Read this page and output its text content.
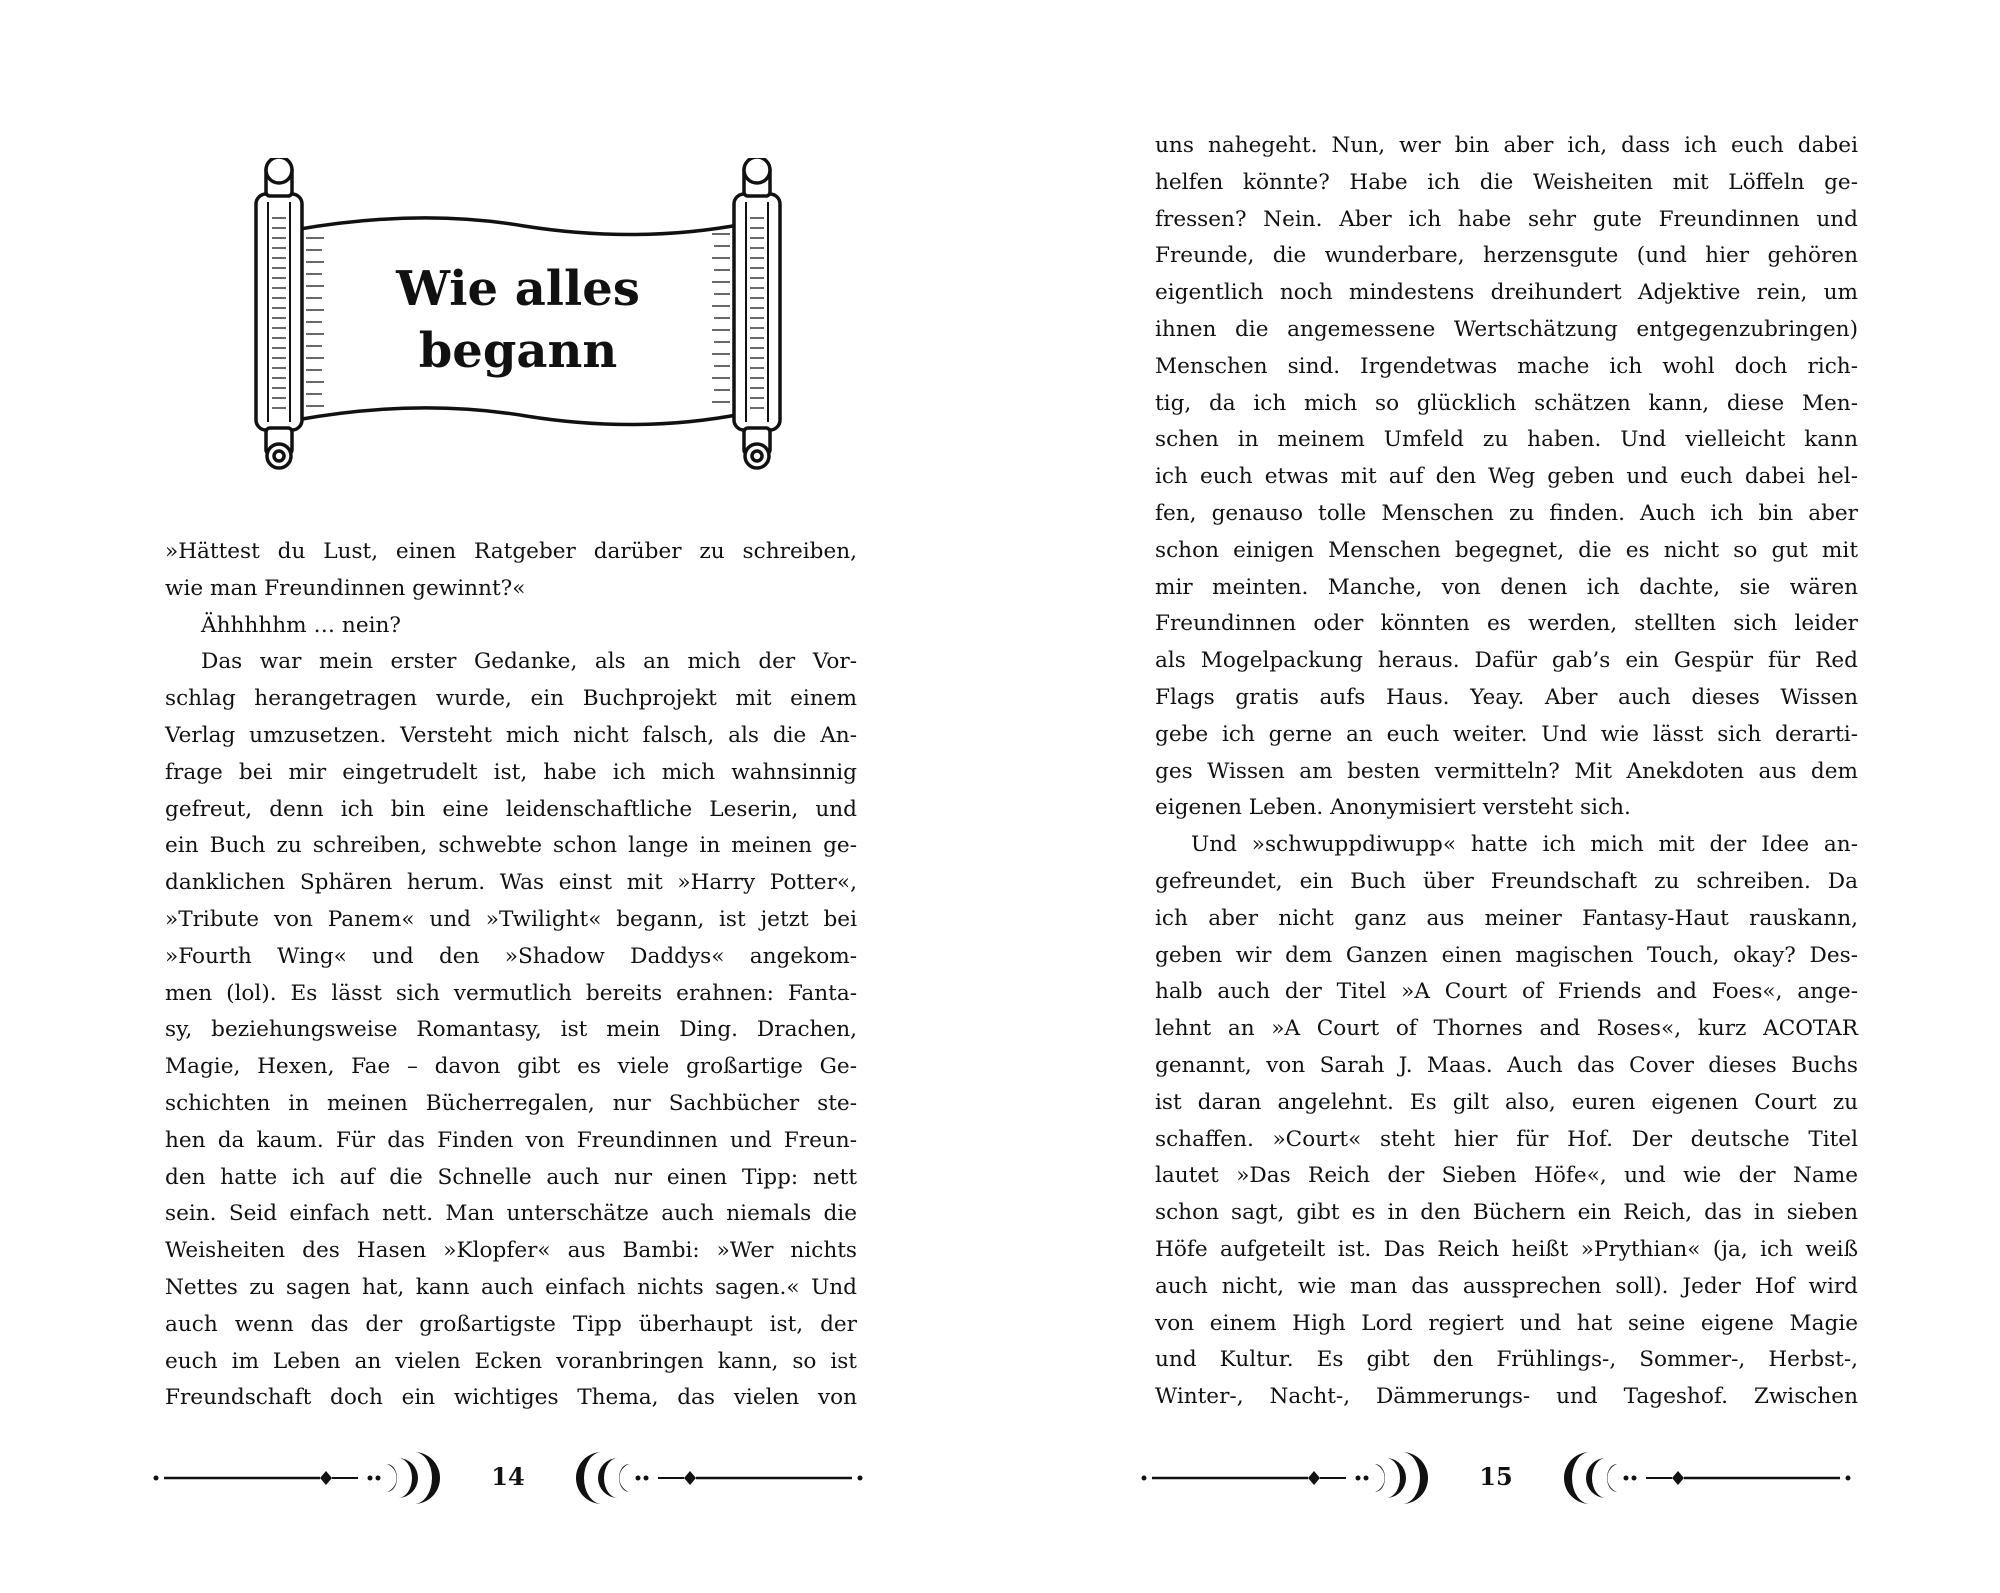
Wie alles
begann
»Hättest du Lust, einen Ratgeber darüber zu schreiben,
wie man Freundinnen gewinnt?«
Ähhhhhm … nein?
Das war mein erster Gedanke, als an mich der Vor-
schlag herangetragen wurde, ein Buchprojekt mit einem
Verlag umzusetzen. Versteht mich nicht falsch, als die An-
frage bei mir eingetrudelt ist, habe ich mich wahnsinnig
gefreut, denn ich bin eine leidenschaftliche Leserin, und
ein Buch zu schreiben, schwebte schon lange in meinen ge-
danklichen Sphären herum. Was einst mit »Harry Potter«,
»Tribute von Panem« und »Twilight« begann, ist jetzt bei
»Fourth Wing« und den »Shadow Daddys« angekom-
men (lol). Es lässt sich vermutlich bereits erahnen: Fanta-
sy, beziehungsweise Romantasy, ist mein Ding. Drachen,
Magie, Hexen, Fae – davon gibt es viele großartige Ge-
schichten in meinen Bücherregalen, nur Sachbücher ste-
hen da kaum. Für das Finden von Freundinnen und Freun-
den hatte ich auf die Schnelle auch nur einen Tipp: nett
sein. Seid einfach nett. Man unterschätze auch niemals die
Weisheiten des Hasen »Klopfer« aus Bambi: »Wer nichts
Nettes zu sagen hat, kann auch einfach nichts sagen.« Und
auch wenn das der großartigste Tipp überhaupt ist, der
euch im Leben an vielen Ecken voranbringen kann, so ist
Freundschaft doch ein wichtiges Thema, das vielen von
14
uns nahegeht. Nun, wer bin aber ich, dass ich euch dabei
helfen könnte? Habe ich die Weisheiten mit Löffeln ge-
fressen? Nein. Aber ich habe sehr gute Freundinnen und
Freunde, die wunderbare, herzensgute (und hier gehören
eigentlich noch mindestens dreihundert Adjektive rein, um
ihnen die angemessene Wertschätzung entgegenzubringen)
Menschen sind. Irgendetwas mache ich wohl doch rich-
tig, da ich mich so glücklich schätzen kann, diese Men-
schen in meinem Umfeld zu haben. Und vielleicht kann
ich euch etwas mit auf den Weg geben und euch dabei hel-
fen, genauso tolle Menschen zu finden. Auch ich bin aber
schon einigen Menschen begegnet, die es nicht so gut mit
mir meinten. Manche, von denen ich dachte, sie wären
Freundinnen oder könnten es werden, stellten sich leider
als Mogelpackung heraus. Dafür gab’s ein Gespür für Red
Flags gratis aufs Haus. Yeay. Aber auch dieses Wissen
gebe ich gerne an euch weiter. Und wie lässt sich derarti-
ges Wissen am besten vermitteln? Mit Anekdoten aus dem
eigenen Leben. Anonymisiert versteht sich.
Und »schwuppdiwupp« hatte ich mich mit der Idee an-
gefreundet, ein Buch über Freundschaft zu schreiben. Da
ich aber nicht ganz aus meiner Fantasy-Haut rauskann,
geben wir dem Ganzen einen magischen Touch, okay? Des-
halb auch der Titel »A Court of Friends and Foes«, ange-
lehnt an »A Court of Thornes and Roses«, kurz ACOTAR
genannt, von Sarah J. Maas. Auch das Cover dieses Buchs
ist daran angelehnt. Es gilt also, euren eigenen Court zu
schaffen. »Court« steht hier für Hof. Der deutsche Titel
lautet »Das Reich der Sieben Höfe«, und wie der Name
schon sagt, gibt es in den Büchern ein Reich, das in sieben
Höfe aufgeteilt ist. Das Reich heißt »Prythian« (ja, ich weiß
auch nicht, wie man das aussprechen soll). Jeder Hof wird
von einem High Lord regiert und hat seine eigene Magie
und Kultur. Es gibt den Frühlings-, Sommer-, Herbst-,
Winter-, Nacht-, Dämmerungs- und Tageshof. Zwischen
15
